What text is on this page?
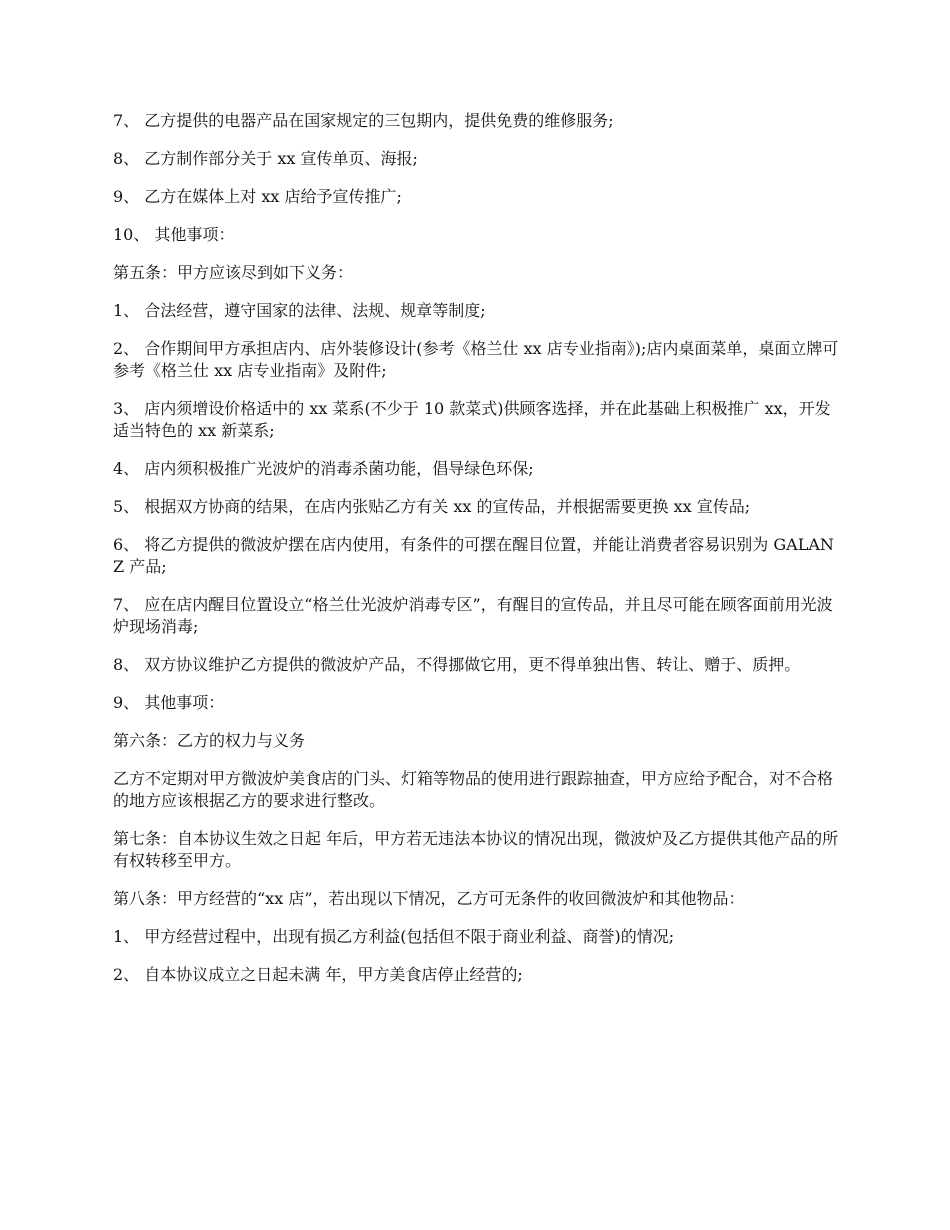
7、 乙方提供的电器产品在国家规定的三包期内，提供免费的维修服务;

8、 乙方制作部分关于 xx 宣传单页、海报;

9、 乙方在媒体上对 xx 店给予宣传推广;

10、 其他事项：

第五条：甲方应该尽到如下义务：

1、 合法经营，遵守国家的法律、法规、规章等制度;

2、 合作期间甲方承担店内、店外装修设计(参考《格兰仕 xx 店专业指南》);店内桌面菜单，桌面立牌可参考《格兰仕 xx 店专业指南》及附件;

3、 店内须增设价格适中的 xx 菜系(不少于 10 款菜式)供顾客选择，并在此基础上积极推广 xx，开发适当特色的 xx 新菜系;

4、 店内须积极推广光波炉的消毒杀菌功能，倡导绿色环保;

5、 根据双方协商的结果，在店内张贴乙方有关 xx 的宣传品，并根据需要更换 xx 宣传品;

6、 将乙方提供的微波炉摆在店内使用，有条件的可摆在醒目位置，并能让消费者容易识别为 GALANZ 产品;

7、 应在店内醒目位置设立“格兰仕光波炉消毒专区”，有醒目的宣传品，并且尽可能在顾客面前用光波炉现场消毒;

8、 双方协议维护乙方提供的微波炉产品，不得挪做它用，更不得单独出售、转让、赠于、质押。

9、 其他事项：

第六条：乙方的权力与义务

乙方不定期对甲方微波炉美食店的门头、灯箱等物品的使用进行跟踪抽查，甲方应给予配合，对不合格的地方应该根据乙方的要求进行整改。

第七条：自本协议生效之日起 年后，甲方若无违法本协议的情况出现，微波炉及乙方提供其他产品的所有权转移至甲方。

第八条：甲方经营的“xx 店”，若出现以下情况，乙方可无条件的收回微波炉和其他物品：

1、 甲方经营过程中，出现有损乙方利益(包括但不限于商业利益、商誉)的情况;

2、 自本协议成立之日起未满 年，甲方美食店停止经营的;
